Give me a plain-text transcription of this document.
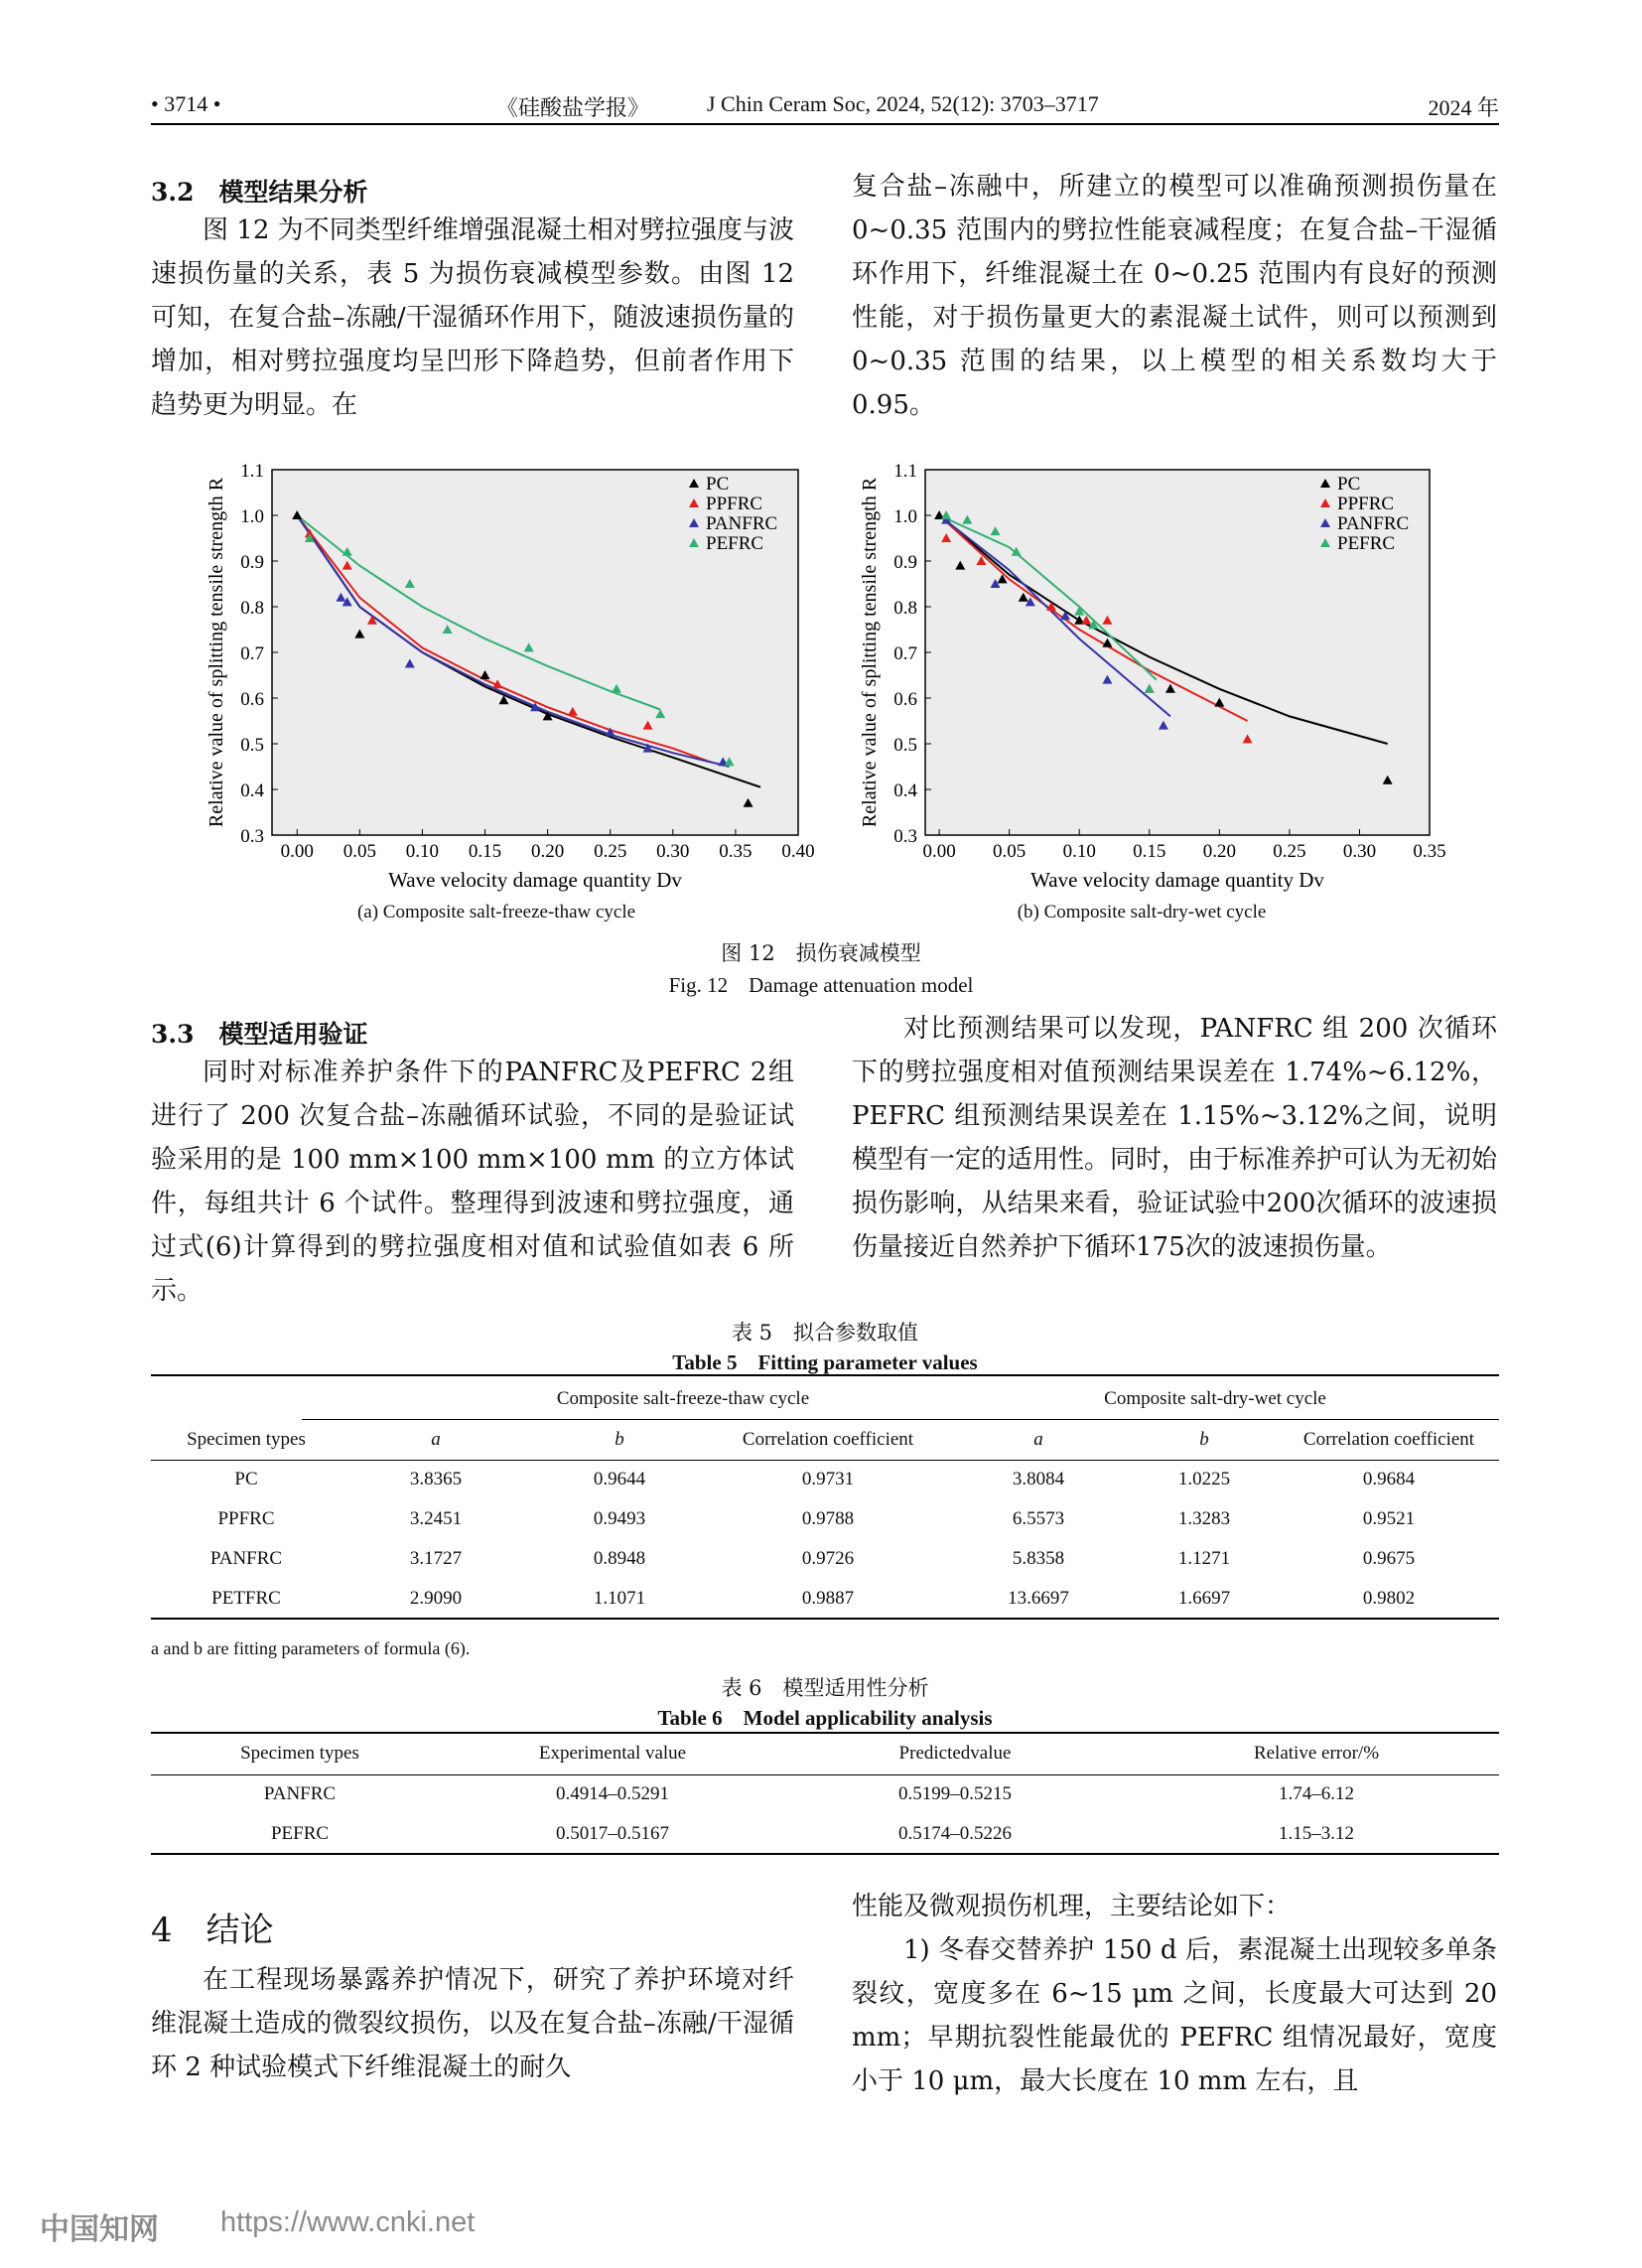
• 3714 •	《硅酸盐学报》	J Chin Ceram Soc, 2024, 52(12): 3703–3717	2024 年
3.2　模型结果分析

图 12 为不同类型纤维增强混凝土相对劈拉强度与波速损伤量的关系，表 5 为损伤衰减模型参数。由图 12 可知，在复合盐–冻融/干湿循环作用下，随波速损伤量的增加，相对劈拉强度均呈凹形下降趋势，但前者作用下趋势更为明显。在

复合盐–冻融中，所建立的模型可以准确预测损伤量在 0~0.35 范围内的劈拉性能衰减程度；在复合盐–干湿循环作用下，纤维混凝土在 0~0.25 范围内有良好的预测性能，对于损伤量更大的素混凝土试件，则可以预测到 0~0.35 范围的结果，以上模型的相关系数均大于 0.95。

0.3
0.4
0.5
0.6
0.7
0.8
0.9
1.0
1.1
0.00 0.05 0.10 0.15 0.20 0.25 0.30 0.35 0.40
PC
PPFRC
PANFRC
PEFRC
Wave velocity damage quantity Dv
Relative value of splitting tensile strength R
0.3
0.4
0.5
0.6
0.7
0.8
0.9
1.0
1.1
0.00 0.05 0.10 0.15 0.20 0.25 0.30 0.35
PC
PPFRC
PANFRC
PEFRC
Wave velocity damage quantity Dv
Relative value of splitting tensile strength R
(a) Composite salt-freeze-thaw cycle	(b) Composite salt-dry-wet cycle
图 12　损伤衰减模型
Fig. 12　Damage attenuation model
3.3　模型适用验证

同时对标准养护条件下的PANFRC及PEFRC 2组进行了 200 次复合盐–冻融循环试验，不同的是验证试验采用的是 100 mm×100 mm×100 mm 的立方体试件，每组共计 6 个试件。整理得到波速和劈拉强度，通过式(6)计算得到的劈拉强度相对值和试验值如表 6 所示。

对比预测结果可以发现，PANFRC 组 200 次循环下的劈拉强度相对值预测结果误差在 1.74%~6.12%，PEFRC 组预测结果误差在 1.15%~3.12%之间，说明模型有一定的适用性。同时，由于标准养护可认为无初始损伤影响，从结果来看，验证试验中200次循环的波速损伤量接近自然养护下循环175次的波速损伤量。

表 5　拟合参数取值
Table 5　Fitting parameter values
Composite salt-freeze-thaw cycle	Composite salt-dry-wet cycle
Specimen types	a	b	Correlation coefficient	a	b	Correlation coefficient
PC	3.8365	0.9644	0.9731	3.8084	1.0225	0.9684
PPFRC	3.2451	0.9493	0.9788	6.5573	1.3283	0.9521
PANFRC	3.1727	0.8948	0.9726	5.8358	1.1271	0.9675
PETFRC	2.9090	1.1071	0.9887	13.6697	1.6697	0.9802
a and b are fitting parameters of formula (6).
表 6　模型适用性分析
Table 6　Model applicability analysis
Specimen types	Experimental value	Predictedvalue	Relative error/%
PANFRC	0.4914–0.5291	0.5199–0.5215	1.74–6.12
PEFRC	0.5017–0.5167	0.5174–0.5226	1.15–3.12
4　结论

在工程现场暴露养护情况下，研究了养护环境对纤维混凝土造成的微裂纹损伤，以及在复合盐–冻融/干湿循环 2 种试验模式下纤维混凝土的耐久

性能及微观损伤机理，主要结论如下：

1) 冬春交替养护 150 d 后，素混凝土出现较多单条裂纹，宽度多在 6~15 μm 之间，长度最大可达到 20 mm；早期抗裂性能最优的 PEFRC 组情况最好，宽度小于 10 μm，最大长度在 10 mm 左右，且

中国知网 https://www.cnki.net
